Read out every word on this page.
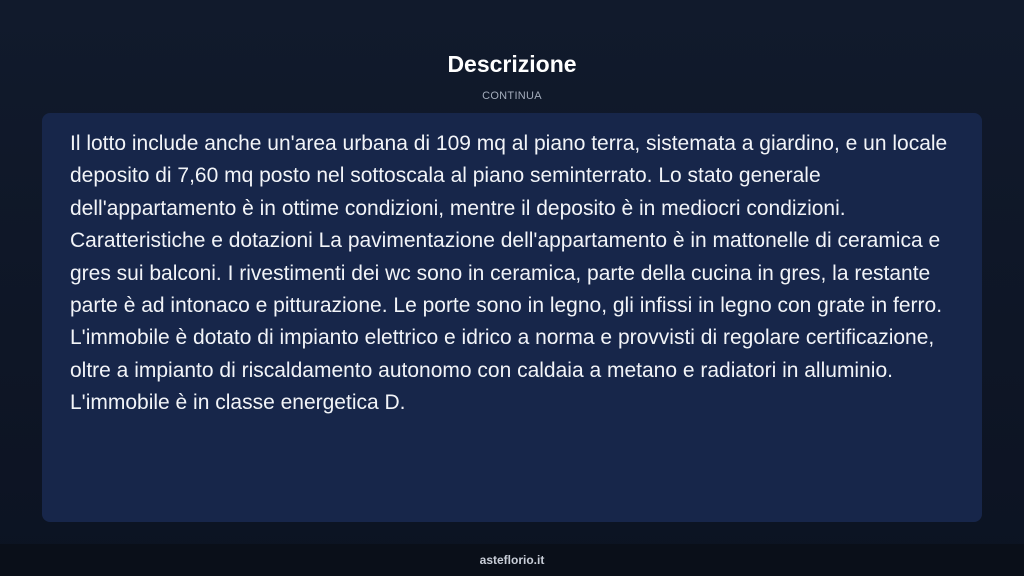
Descrizione
CONTINUA

Il lotto include anche un'area urbana di 109 mq al piano terra, sistemata a giardino, e un locale deposito di 7,60 mq posto nel sottoscala al piano seminterrato. Lo stato generale dell'appartamento è in ottime condizioni, mentre il deposito è in mediocri condizioni. Caratteristiche e dotazioni La pavimentazione dell'appartamento è in mattonelle di ceramica e gres sui balconi. I rivestimenti dei wc sono in ceramica, parte della cucina in gres, la restante parte è ad intonaco e pitturazione. Le porte sono in legno, gli infissi in legno con grate in ferro. L'immobile è dotato di impianto elettrico e idrico a norma e provvisti di regolare certificazione, oltre a impianto di riscaldamento autonomo con caldaia a metano e radiatori in alluminio. L'immobile è in classe energetica D.

asteflorio.it
